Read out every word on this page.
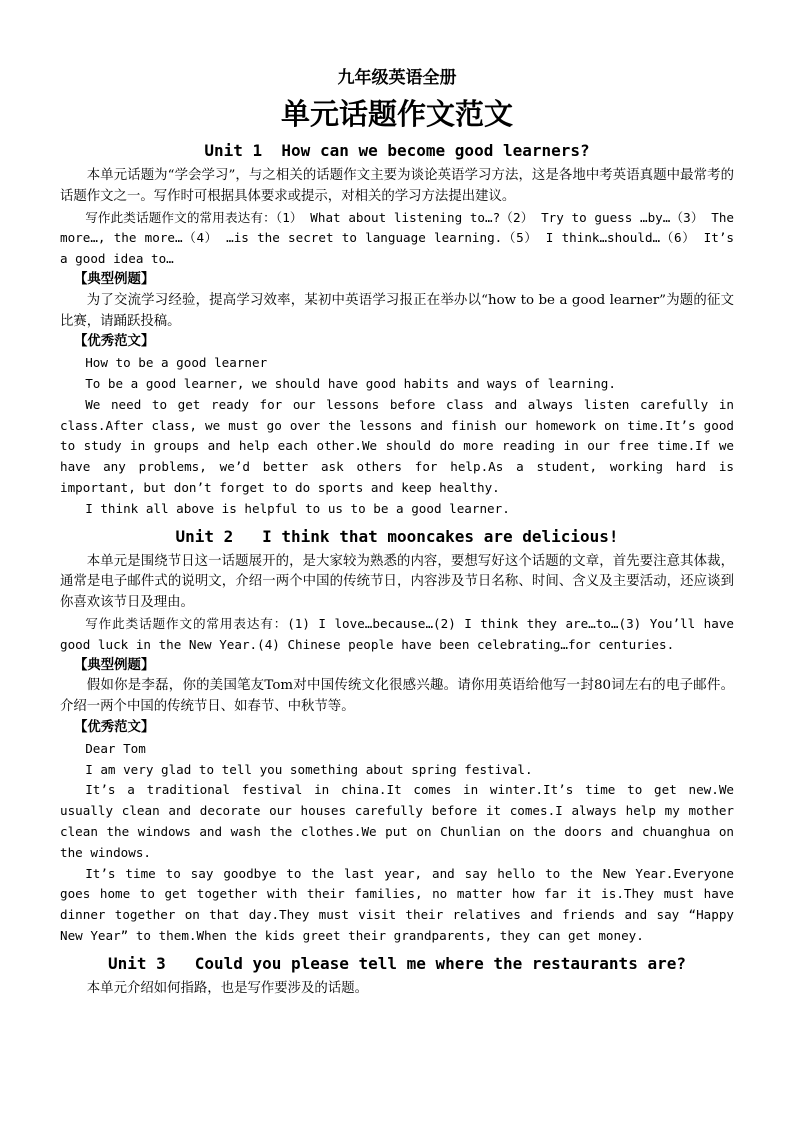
九年级英语全册
单元话题作文范文
Unit 1  How can we become good learners?

本单元话题为“学会学习”，与之相关的话题作文主要为谈论英语学习方法，这是各地中考英语真题中最常考的话题作文之一。写作时可根据具体要求或提示，对相关的学习方法提出建议。

写作此类话题作文的常用表达有：（1） What about listening to…?（2） Try to guess …by…（3） The more…, the more…（4） …is the secret to language learning.（5） I think…should…（6） It’s a good idea to…

【典型例题】

为了交流学习经验，提高学习效率，某初中英语学习报正在举办以“how to be a good learner”为题的征文比赛，请踊跃投稿。

【优秀范文】

How to be a good learner

To be a good learner, we should have good habits and ways of learning.

We need to get ready for our lessons before class and always listen carefully in class.After class, we must go over the lessons and finish our homework on time.It’s good to study in groups and help each other.We should do more reading in our free time.If we have any problems, we’d better ask others for help.As a student, working hard is important, but don’t forget to do sports and keep healthy.

I think all above is helpful to us to be a good learner.

Unit 2   I think that mooncakes are delicious!

本单元是围绕节日这一话题展开的，是大家较为熟悉的内容，要想写好这个话题的文章，首先要注意其体裁，通常是电子邮件式的说明文，介绍一两个中国的传统节日，内容涉及节日名称、时间、含义及主要活动，还应谈到你喜欢该节日及理由。

写作此类话题作文的常用表达有：(1) I love…because…(2) I think they are…to…(3) You’ll have good luck in the New Year.(4) Chinese people have been celebrating…for centuries.

【典型例题】

假如你是李磊，你的美国笔友Tom对中国传统文化很感兴趣。请你用英语给他写一封80词左右的电子邮件。介绍一两个中国的传统节日、如春节、中秋节等。

【优秀范文】

Dear Tom

I am very glad to tell you something about spring festival.

It’s a traditional festival in china.It comes in winter.It’s time to get new.We usually clean and decorate our houses carefully before it comes.I always help my mother clean the windows and wash the clothes.We put on Chunlian on the doors and chuanghua on the windows.

It’s time to say goodbye to the last year, and say hello to the New Year.Everyone goes home to get together with their families, no matter how far it is.They must have dinner together on that day.They must visit their relatives and friends and say “Happy New Year” to them.When the kids greet their grandparents, they can get money.

Unit 3   Could you please tell me where the restaurants are?

本单元介绍如何指路，也是写作要涉及的话题。
